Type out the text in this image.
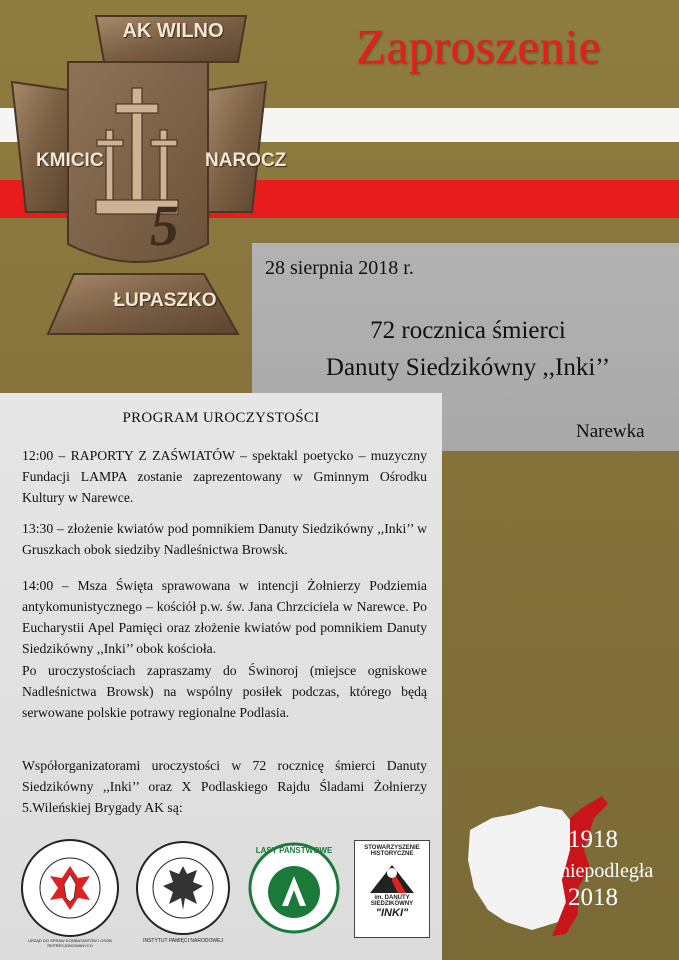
AK WILNO
KMICIC	NAROCZ
5
ŁUPASZKO
Zaproszenie
28 sierpnia 2018 r.
72 rocznica śmierci
Danuty Siedzikówny ,,Inki’’
Narewka
PROGRAM UROCZYSTOŚCI
12:00 – RAPORTY Z ZAŚWIATÓW – spektakl poetycko – muzyczny Fundacji LAMPA zostanie zaprezentowany w Gminnym Ośrodku Kultury w Narewce.
13:30 – złożenie kwiatów pod pomnikiem Danuty Siedzikówny ,,Inki’’ w Gruszkach obok siedziby Nadleśnictwa Browsk.
14:00 – Msza Święta sprawowana w intencji Żołnierzy Podziemia antykomunistycznego – kościół p.w. św. Jana Chrzciciela w Narewce. Po Eucharystii Apel Pamięci oraz złożenie kwiatów pod pomnikiem Danuty Siedzikówny ,,Inki’’ obok kościoła.
Po uroczystościach zapraszamy do Świnoroj (miejsce ogniskowe Nadleśnictwa Browsk) na wspólny posiłek podczas, którego będą serwowane polskie potrawy regionalne Podlasia.
Współorganizatorami uroczystości w 72 rocznicę śmierci Danuty Siedzikówny ,,Inki’’ oraz X Podlaskiego Rajdu Śladami Żołnierzy 5.Wileńskiej Brygady AK są:
URZĄD DO SPRAW KOMBATANTÓW I OSÓB REPRESJONOWANYCH
INSTYTUT PAMIĘCI NARODOWEJ
LASY PAŃSTWOWE	STOWARZYSZENIE
HISTORYCZNE
im. DANUTY
SIEDZIKÓWNY
"INKI"
1918
niepodległa
2018
